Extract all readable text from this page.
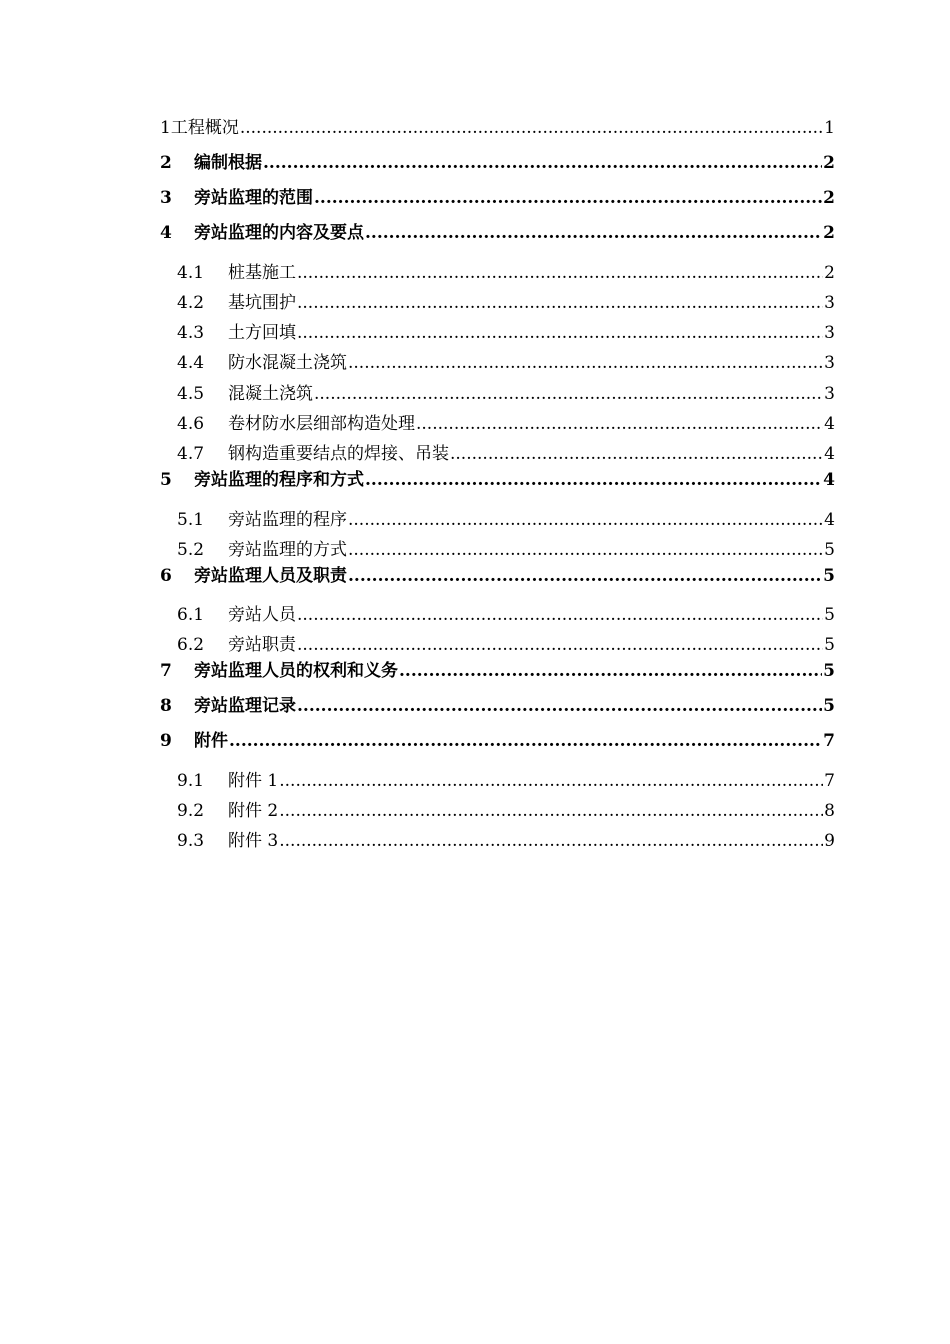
1 工程概况 .....	1
2	编制根据 .....	2
3	旁站监理的范围 .....	2
4	旁站监理的内容及要点 .....	2
4.1	桩基施工 .....	2
4.2	基坑围护 .....	3
4.3	土方回填 .....	3
4.4	防水混凝土浇筑 .....	3
4.5	混凝土浇筑 .....	3
4.6	卷材防水层细部构造处理 .....	4
4.7	钢构造重要结点的焊接、吊装 .....	4
5	旁站监理的程序和方式 .....	4
5.1	旁站监理的程序 .....	4
5.2	旁站监理的方式 .....	5
6	旁站监理人员及职责 .....	5
6.1	旁站人员 .....	5
6.2	旁站职责 .....	5
7	旁站监理人员的权利和义务 .....	5
8	旁站监理记录 .....	5
9	附件 .....	7
9.1	附件 1 .....	7
9.2	附件 2 .....	8
9.3	附件 3 .....	9
